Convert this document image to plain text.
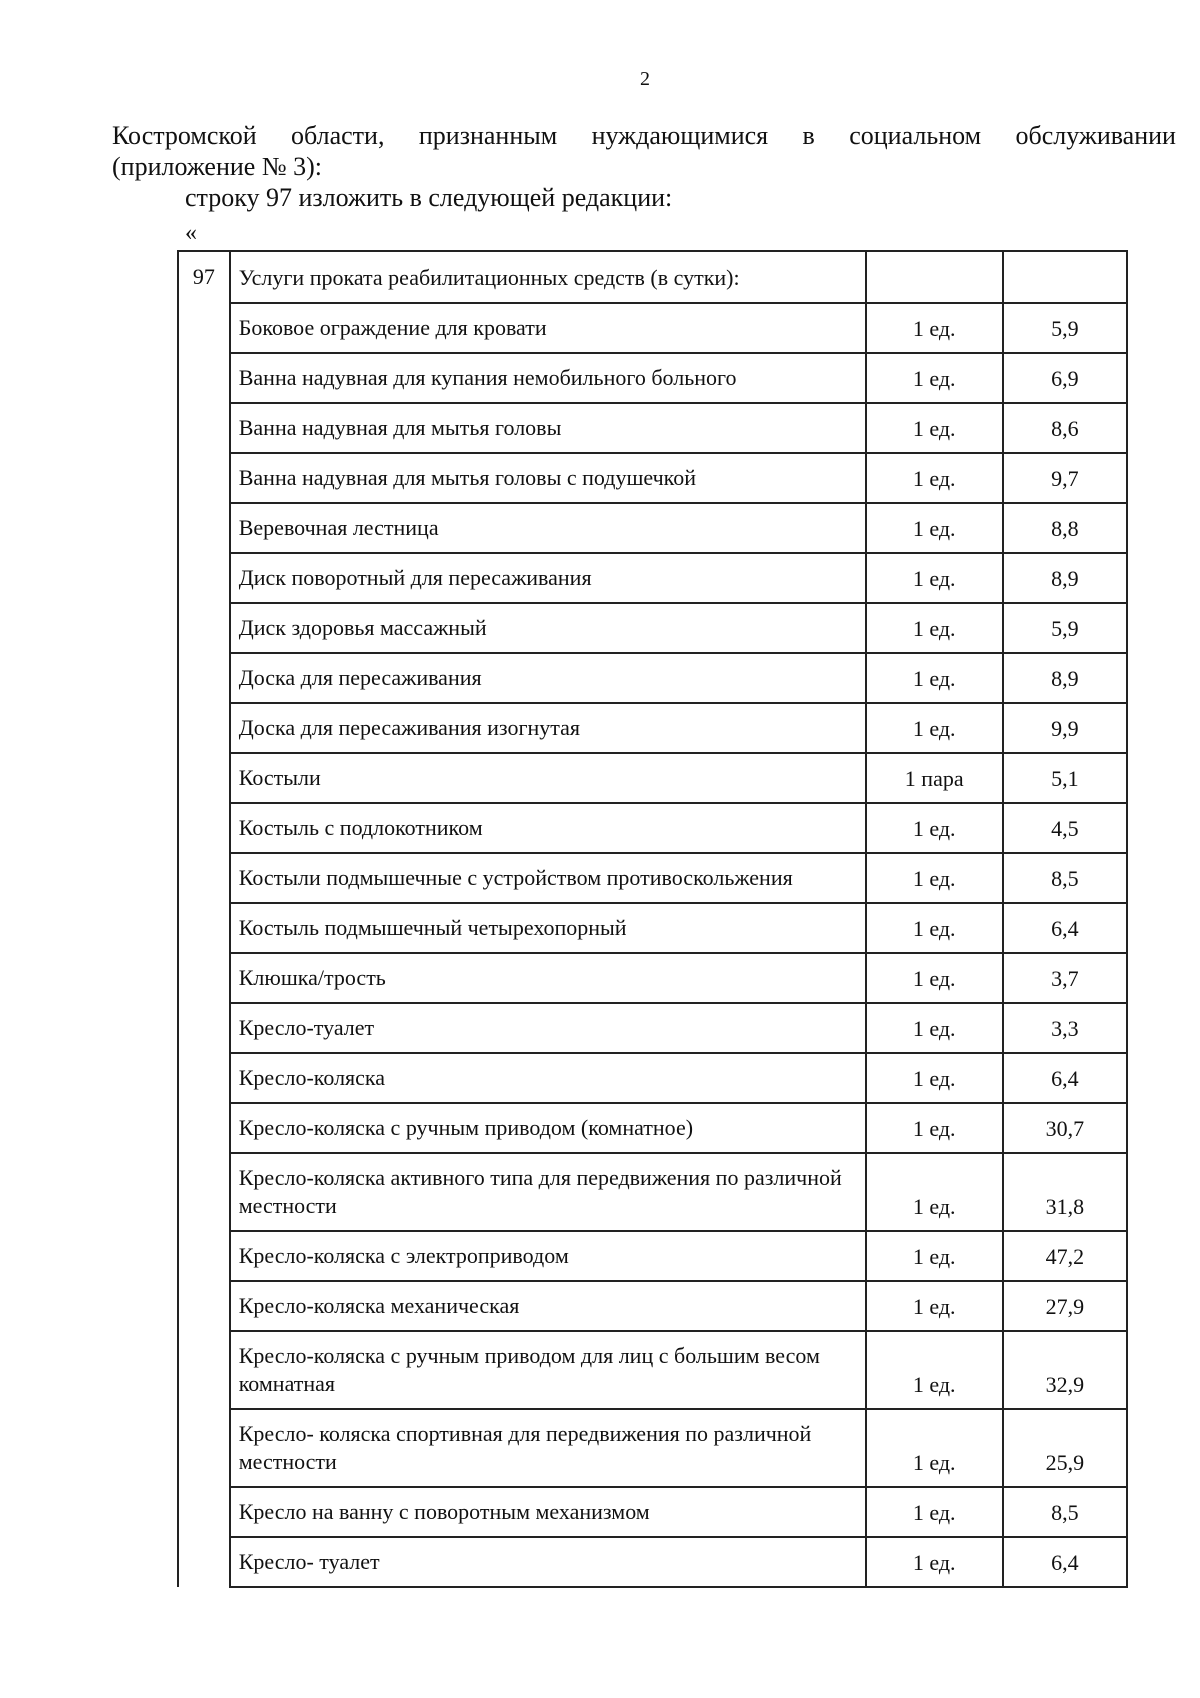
2
Костромской области, признанным нуждающимися в социальном обслуживании
(приложение № 3):
строку 97 изложить в следующей редакции:
«
97	Услуги проката реабилитационных средств (в сутки):		
	Боковое ограждение для кровати	1 ед.	5,9
	Ванна надувная для купания немобильного больного	1 ед.	6,9
	Ванна надувная для мытья головы	1 ед.	8,6
	Ванна надувная для мытья головы с подушечкой	1 ед.	9,7
	Веревочная лестница	1 ед.	8,8
	Диск поворотный для пересаживания	1 ед.	8,9
	Диск здоровья массажный	1 ед.	5,9
	Доска для пересаживания	1 ед.	8,9
	Доска для пересаживания изогнутая	1 ед.	9,9
	Костыли	1 пара	5,1
	Костыль с подлокотником	1 ед.	4,5
	Костыли подмышечные с устройством противоскольжения	1 ед.	8,5
	Костыль подмышечный четырехопорный	1 ед.	6,4
	Клюшка/трость	1 ед.	3,7
	Кресло-туалет	1 ед.	3,3
	Кресло-коляска	1 ед.	6,4
	Кресло-коляска с ручным приводом (комнатное)	1 ед.	30,7
	Кресло-коляска активного типа для передвижения по различной местности	1 ед.	31,8
	Кресло-коляска с электроприводом	1 ед.	47,2
	Кресло-коляска механическая	1 ед.	27,9
	Кресло-коляска с ручным приводом для лиц с большим весом комнатная	1 ед.	32,9
	Кресло- коляска спортивная для передвижения по различной местности	1 ед.	25,9
	Кресло на ванну с поворотным механизмом	1 ед.	8,5
	Кресло- туалет	1 ед.	6,4
